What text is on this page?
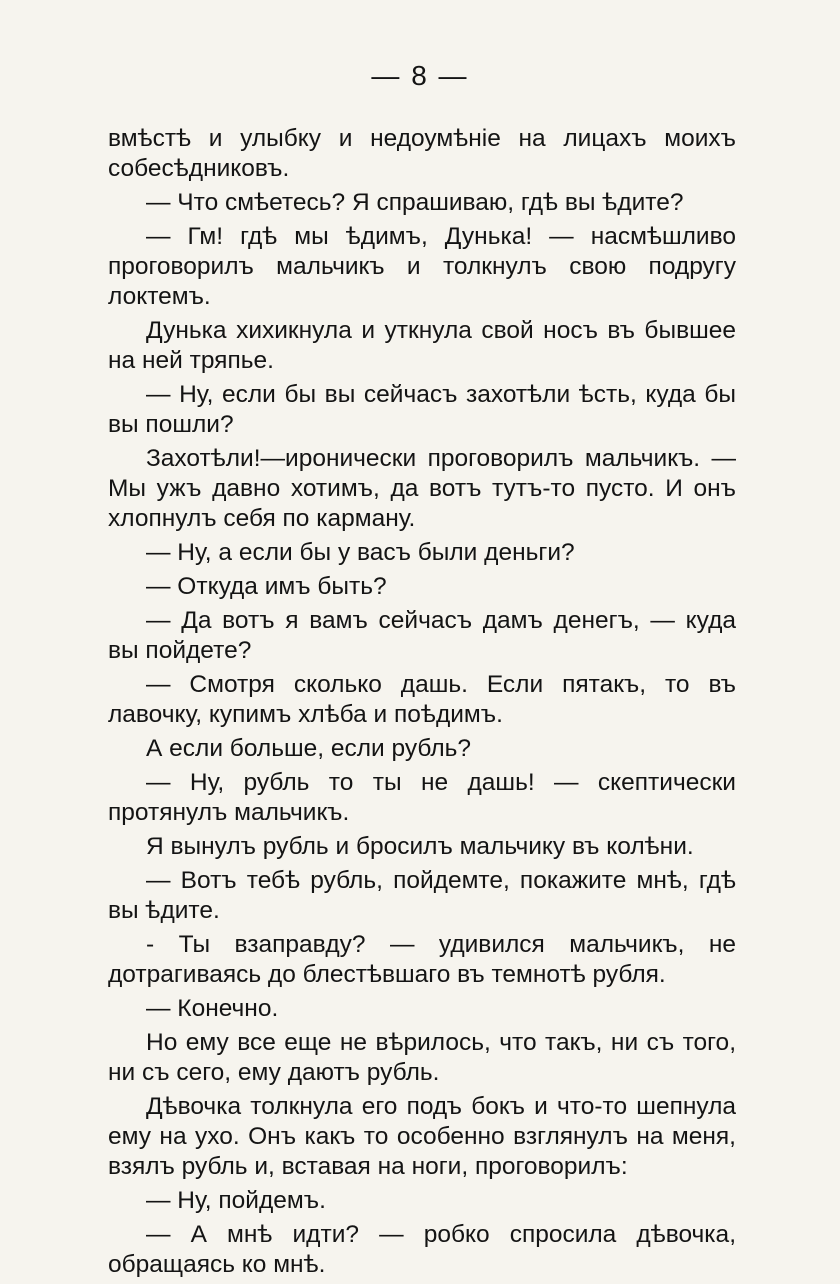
— 8 —

вмѣстѣ и улыбку и недоумѣніе на лицахъ моихъ собесѣдниковъ.

— Что смѣетесь? Я спрашиваю, гдѣ вы ѣдите?

— Гм! гдѣ мы ѣдимъ, Дунька! — насмѣшливо проговорилъ мальчикъ и толкнулъ свою подругу локтемъ.

Дунька хихикнула и уткнула свой носъ въ бывшее на ней тряпье.

— Ну, если бы вы сейчасъ захотѣли ѣсть, куда бы вы пошли?

Захотѣли!—иронически проговорилъ мальчикъ. —Мы ужъ давно хотимъ, да вотъ тутъ-то пусто. И онъ хлопнулъ себя по карману.

— Ну, а если бы у васъ были деньги?

— Откуда имъ быть?

— Да вотъ я вамъ сейчасъ дамъ денегъ, — куда вы пойдете?

— Смотря сколько дашь. Если пятакъ, то въ лавочку, купимъ хлѣба и поѣдимъ.

А если больше, если рубль?

— Ну, рубль то ты не дашь! — скептически протянулъ мальчикъ.

Я вынулъ рубль и бросилъ мальчику въ колѣни.

— Вотъ тебѣ рубль, пойдемте, покажите мнѣ, гдѣ вы ѣдите.

- Ты взаправду? — удивился мальчикъ, не дотрагиваясь до блестѣвшаго въ темнотѣ рубля.

— Конечно.

Но ему все еще не вѣрилось, что такъ, ни съ того, ни съ сего, ему даютъ рубль.

Дѣвочка толкнула его подъ бокъ и что-то шепнула ему на ухо. Онъ какъ то особенно взглянулъ на меня, взялъ рубль и, вставая на ноги, проговорилъ:

— Ну, пойдемъ.

— А мнѣ идти? — робко спросила дѣвочка, обращаясь ко мнѣ.
